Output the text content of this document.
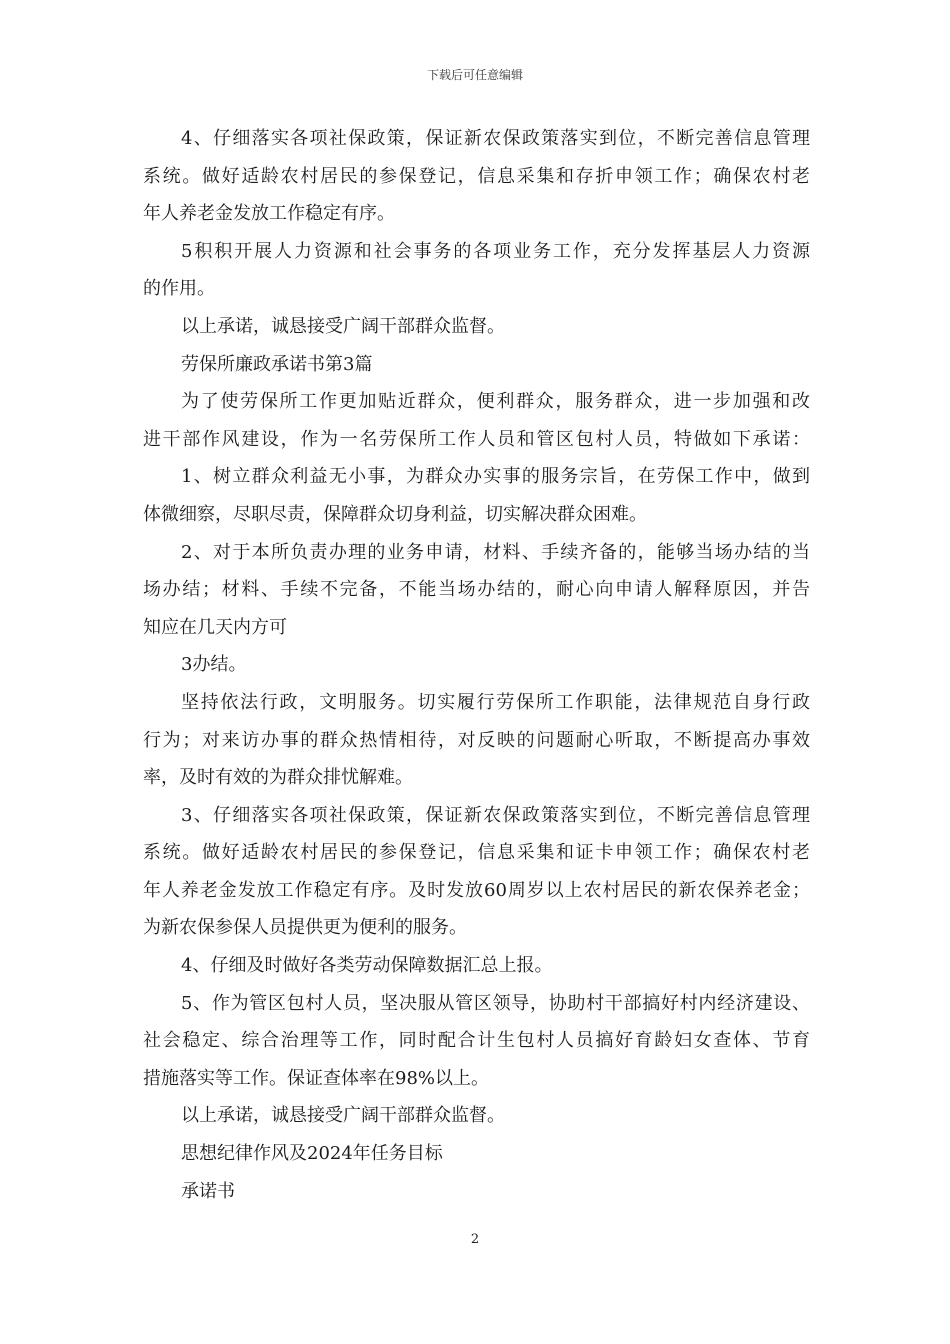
下载后可任意编辑
4、仔细落实各项社保政策，保证新农保政策落实到位，不断完善信息管理
系统。做好适龄农村居民的参保登记，信息采集和存折申领工作；确保农村老
年人养老金发放工作稳定有序。
5积积开展人力资源和社会事务的各项业务工作，充分发挥基层人力资源
的作用。
以上承诺，诚恳接受广阔干部群众监督。
劳保所廉政承诺书第3篇
为了使劳保所工作更加贴近群众，便利群众，服务群众，进一步加强和改
进干部作风建设，作为一名劳保所工作人员和管区包村人员，特做如下承诺：
1、树立群众利益无小事，为群众办实事的服务宗旨，在劳保工作中，做到
体微细察，尽职尽责，保障群众切身利益，切实解决群众困难。
2、对于本所负责办理的业务申请，材料、手续齐备的，能够当场办结的当
场办结；材料、手续不完备，不能当场办结的，耐心向申请人解释原因，并告
知应在几天内方可
3办结。
坚持依法行政，文明服务。切实履行劳保所工作职能，法律规范自身行政
行为；对来访办事的群众热情相待，对反映的问题耐心听取，不断提高办事效
率，及时有效的为群众排忧解难。
3、仔细落实各项社保政策，保证新农保政策落实到位，不断完善信息管理
系统。做好适龄农村居民的参保登记，信息采集和证卡申领工作；确保农村老
年人养老金发放工作稳定有序。及时发放60周岁以上农村居民的新农保养老金；
为新农保参保人员提供更为便利的服务。
4、仔细及时做好各类劳动保障数据汇总上报。
5、作为管区包村人员，坚决服从管区领导，协助村干部搞好村内经济建设、
社会稳定、综合治理等工作，同时配合计生包村人员搞好育龄妇女查体、节育
措施落实等工作。保证查体率在98%以上。
以上承诺，诚恳接受广阔干部群众监督。
思想纪律作风及2024年任务目标
承诺书
2
